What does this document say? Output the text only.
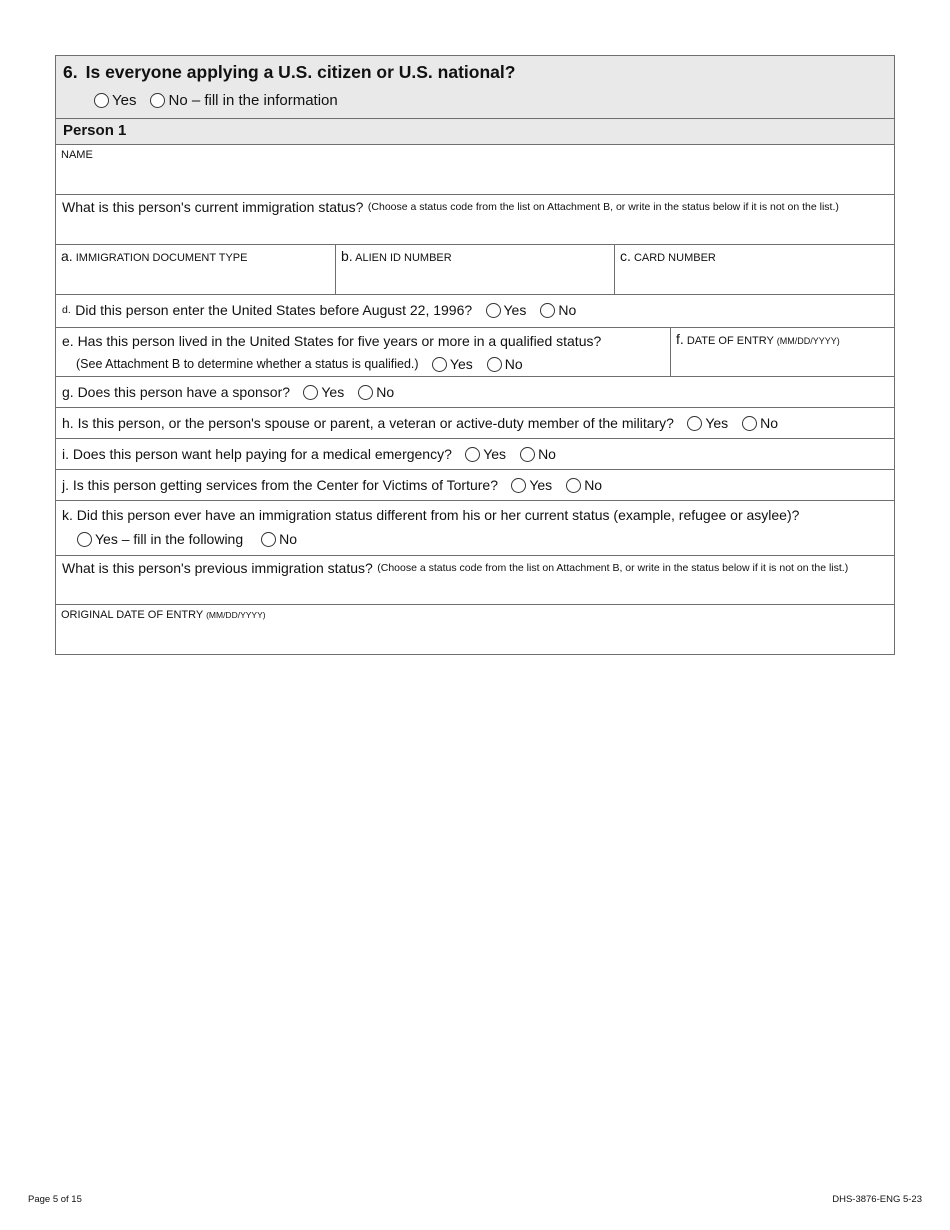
6. Is everyone applying a U.S. citizen or U.S. national?
Yes No – fill in the information
Person 1
NAME
What is this person's current immigration status?
(Choose a status code from the list on Attachment B, or write in the status below if it is not on the list.)
a. IMMIGRATION DOCUMENT TYPE	b. ALIEN ID NUMBER	c. CARD NUMBER
d.
Did this person enter the United States before August 22, 1996?
Yes No
e. Has this person lived in the United States for five years or more in a qualified status?
(See Attachment B to determine whether a status is qualified.)
Yes No
f. DATE OF ENTRY (MM/DD/YYYY)
g. Does this person have a sponsor?
Yes No
h. Is this person, or the person's spouse or parent, a veteran or active-duty member of the military?
Yes No
i. Does this person want help paying for a medical emergency?
Yes No
j. Is this person getting services from the Center for Victims of Torture?
Yes No
k. Did this person ever have an immigration status different from his or her current status (example, refugee or asylee)?
Yes – fill in the following	No
What is this person's previous immigration status?
(Choose a status code from the list on Attachment B, or write in the status below if it is not on the list.)
ORIGINAL DATE OF ENTRY (MM/DD/YYYY)
Page 5 of 15	DHS-3876-ENG 5-23
